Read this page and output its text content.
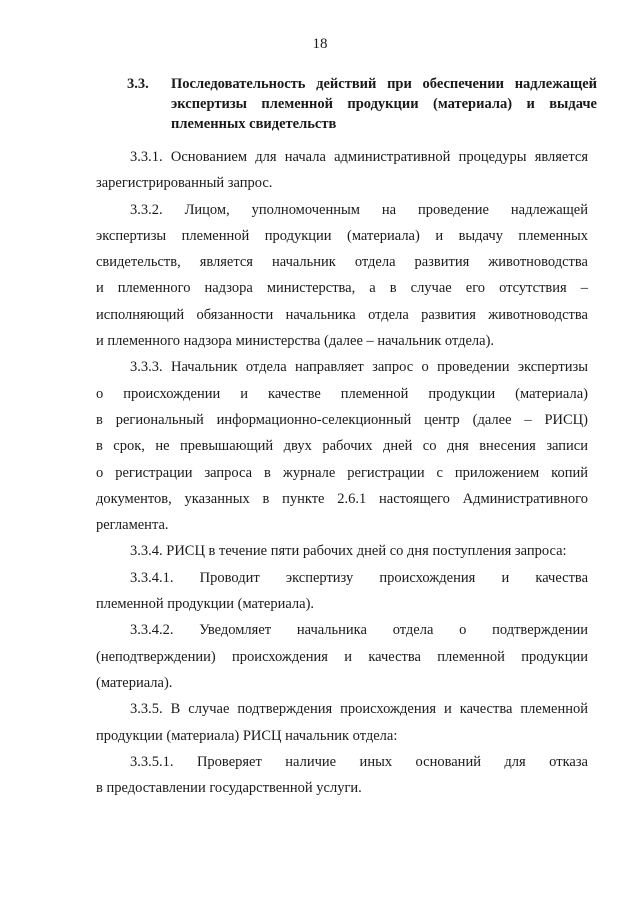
18
3.3. Последовательность действий при обеспечении надлежащей
экспертизы племенной продукции (материала) и выдаче
племенных свидетельств
3.3.1. Основанием для начала административной процедуры является
зарегистрированный запрос.
3.3.2. Лицом, уполномоченным на проведение надлежащей
экспертизы племенной продукции (материала) и выдачу племенных
свидетельств, является начальник отдела развития животноводства
и племенного надзора министерства, а в случае его отсутствия –
исполняющий обязанности начальника отдела развития животноводства
и племенного надзора министерства (далее – начальник отдела).
3.3.3. Начальник отдела направляет запрос о проведении экспертизы
о происхождении и качестве племенной продукции (материала)
в региональный информационно-селекционный центр (далее – РИСЦ)
в срок, не превышающий двух рабочих дней со дня внесения записи
о регистрации запроса в журнале регистрации с приложением копий
документов, указанных в пункте 2.6.1 настоящего Административного
регламента.
3.3.4. РИСЦ в течение пяти рабочих дней со дня поступления запроса:
3.3.4.1. Проводит экспертизу происхождения и качества
племенной продукции (материала).
3.3.4.2. Уведомляет начальника отдела о подтверждении
(неподтверждении) происхождения и качества племенной продукции
(материала).
3.3.5. В случае подтверждения происхождения и качества племенной
продукции (материала) РИСЦ начальник отдела:
3.3.5.1. Проверяет наличие иных оснований для отказа
в предоставлении государственной услуги.
